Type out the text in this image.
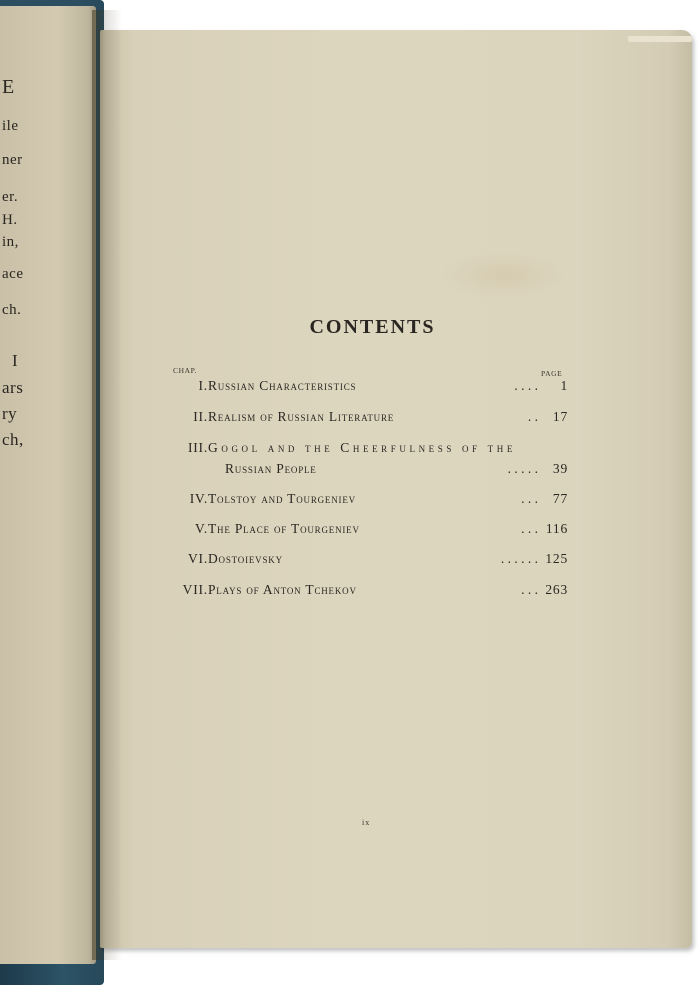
E
ile
ner
er.
H.
in,
ace
ch.
I
ars
ry
ch,
CONTENTS
CHAP.	PAGE
I. Russian Characteristics	. . . .	1
II. Realism of Russian Literature	. .	17
III. Gogol and the Cheerfulness of the
Russian People	. . . . .	39
IV. Tolstoy and Tourgeniev	. . .	77
V. The Place of Tourgeniev	. . . 116
VI. Dostoievsky	. . . . . . 125
VII. Plays of Anton Tchekov	. . . 263
ix
